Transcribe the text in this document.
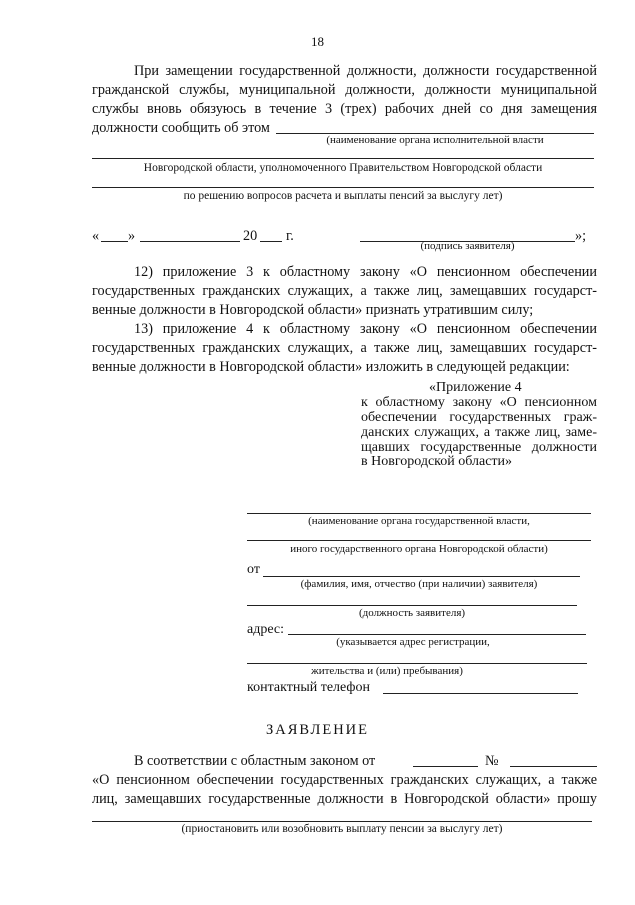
18
При замещении государственной должности, должности государственной
гражданской службы, муниципальной должности, должности муниципальной
службы вновь обязуюсь в течение 3 (трех) рабочих дней со дня замещения
должности сообщить об этом
(наименование органа исполнительной власти
Новгородской области, уполномоченного Правительством Новгородской области
по решению вопросов расчета и выплаты пенсий за выслугу лет)
« »	20 г.	»;
(подпись заявителя)
12) приложение 3 к областному закону «О пенсионном обеспечении
государственных гражданских служащих, а также лиц, замещавших государст-
венные должности в Новгородской области» признать утратившим силу;
13) приложение 4 к областному закону «О пенсионном обеспечении
государственных гражданских служащих, а также лиц, замещавших государст-
венные должности в Новгородской области» изложить в следующей редакции:
«Приложение 4
к областному закону «О пенсионном
обеспечении государственных граж-
данских служащих, а также лиц, заме-
щавших государственные должности
в Новгородской области»
(наименование органа государственной власти,
иного государственного органа Новгородской области)
от
(фамилия, имя, отчество (при наличии) заявителя)
(должность заявителя)
адрес:
(указывается адрес регистрации,
жительства и (или) пребывания)
контактный телефон
ЗАЯВЛЕНИЕ
В соответствии с областным законом от	№
«О пенсионном обеспечении государственных гражданских служащих, а также
лиц, замещавших государственные должности в Новгородской области» прошу
(приостановить или возобновить выплату пенсии за выслугу лет)
